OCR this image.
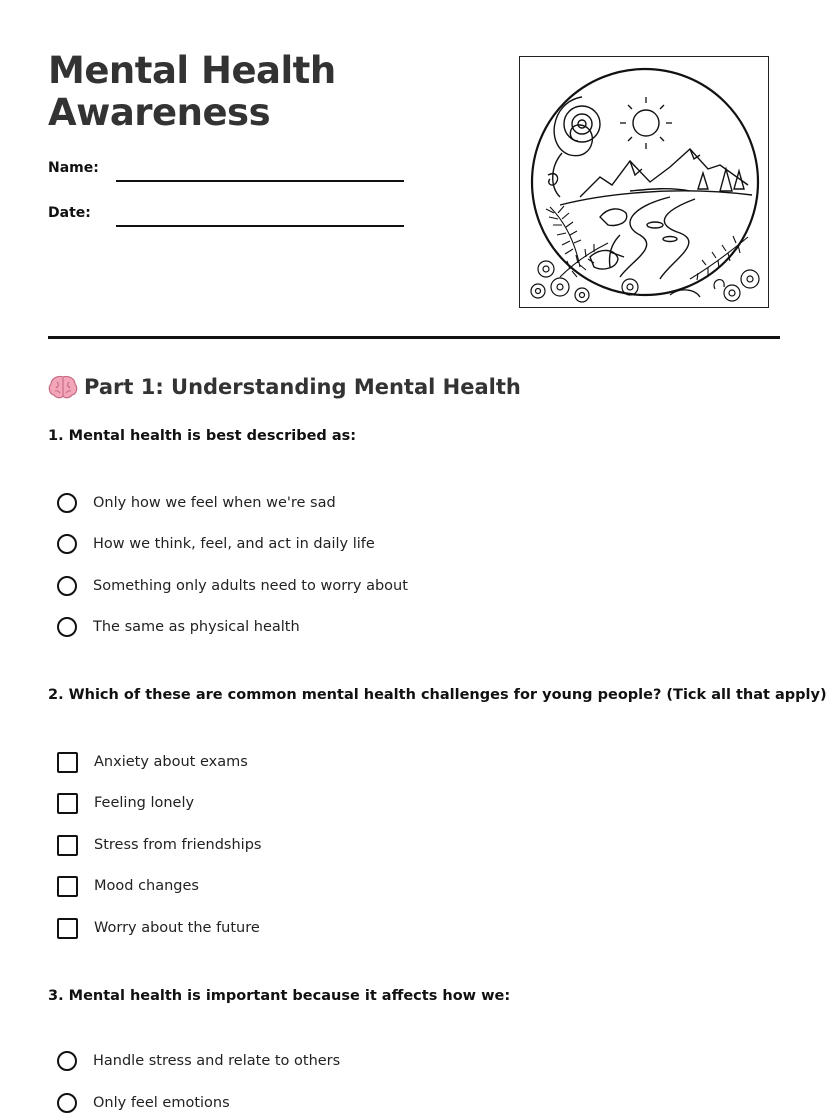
Mental Health
Awareness
Name:
Date:
Part 1: Understanding Mental Health

1. Mental health is best described as:

Only how we feel when we're sad
How we think, feel, and act in daily life
Something only adults need to worry about
The same as physical health

2. Which of these are common mental health challenges for young people? (Tick all that apply)

Anxiety about exams
Feeling lonely
Stress from friendships
Mood changes
Worry about the future

3. Mental health is important because it affects how we:

Handle stress and relate to others
Only feel emotions
